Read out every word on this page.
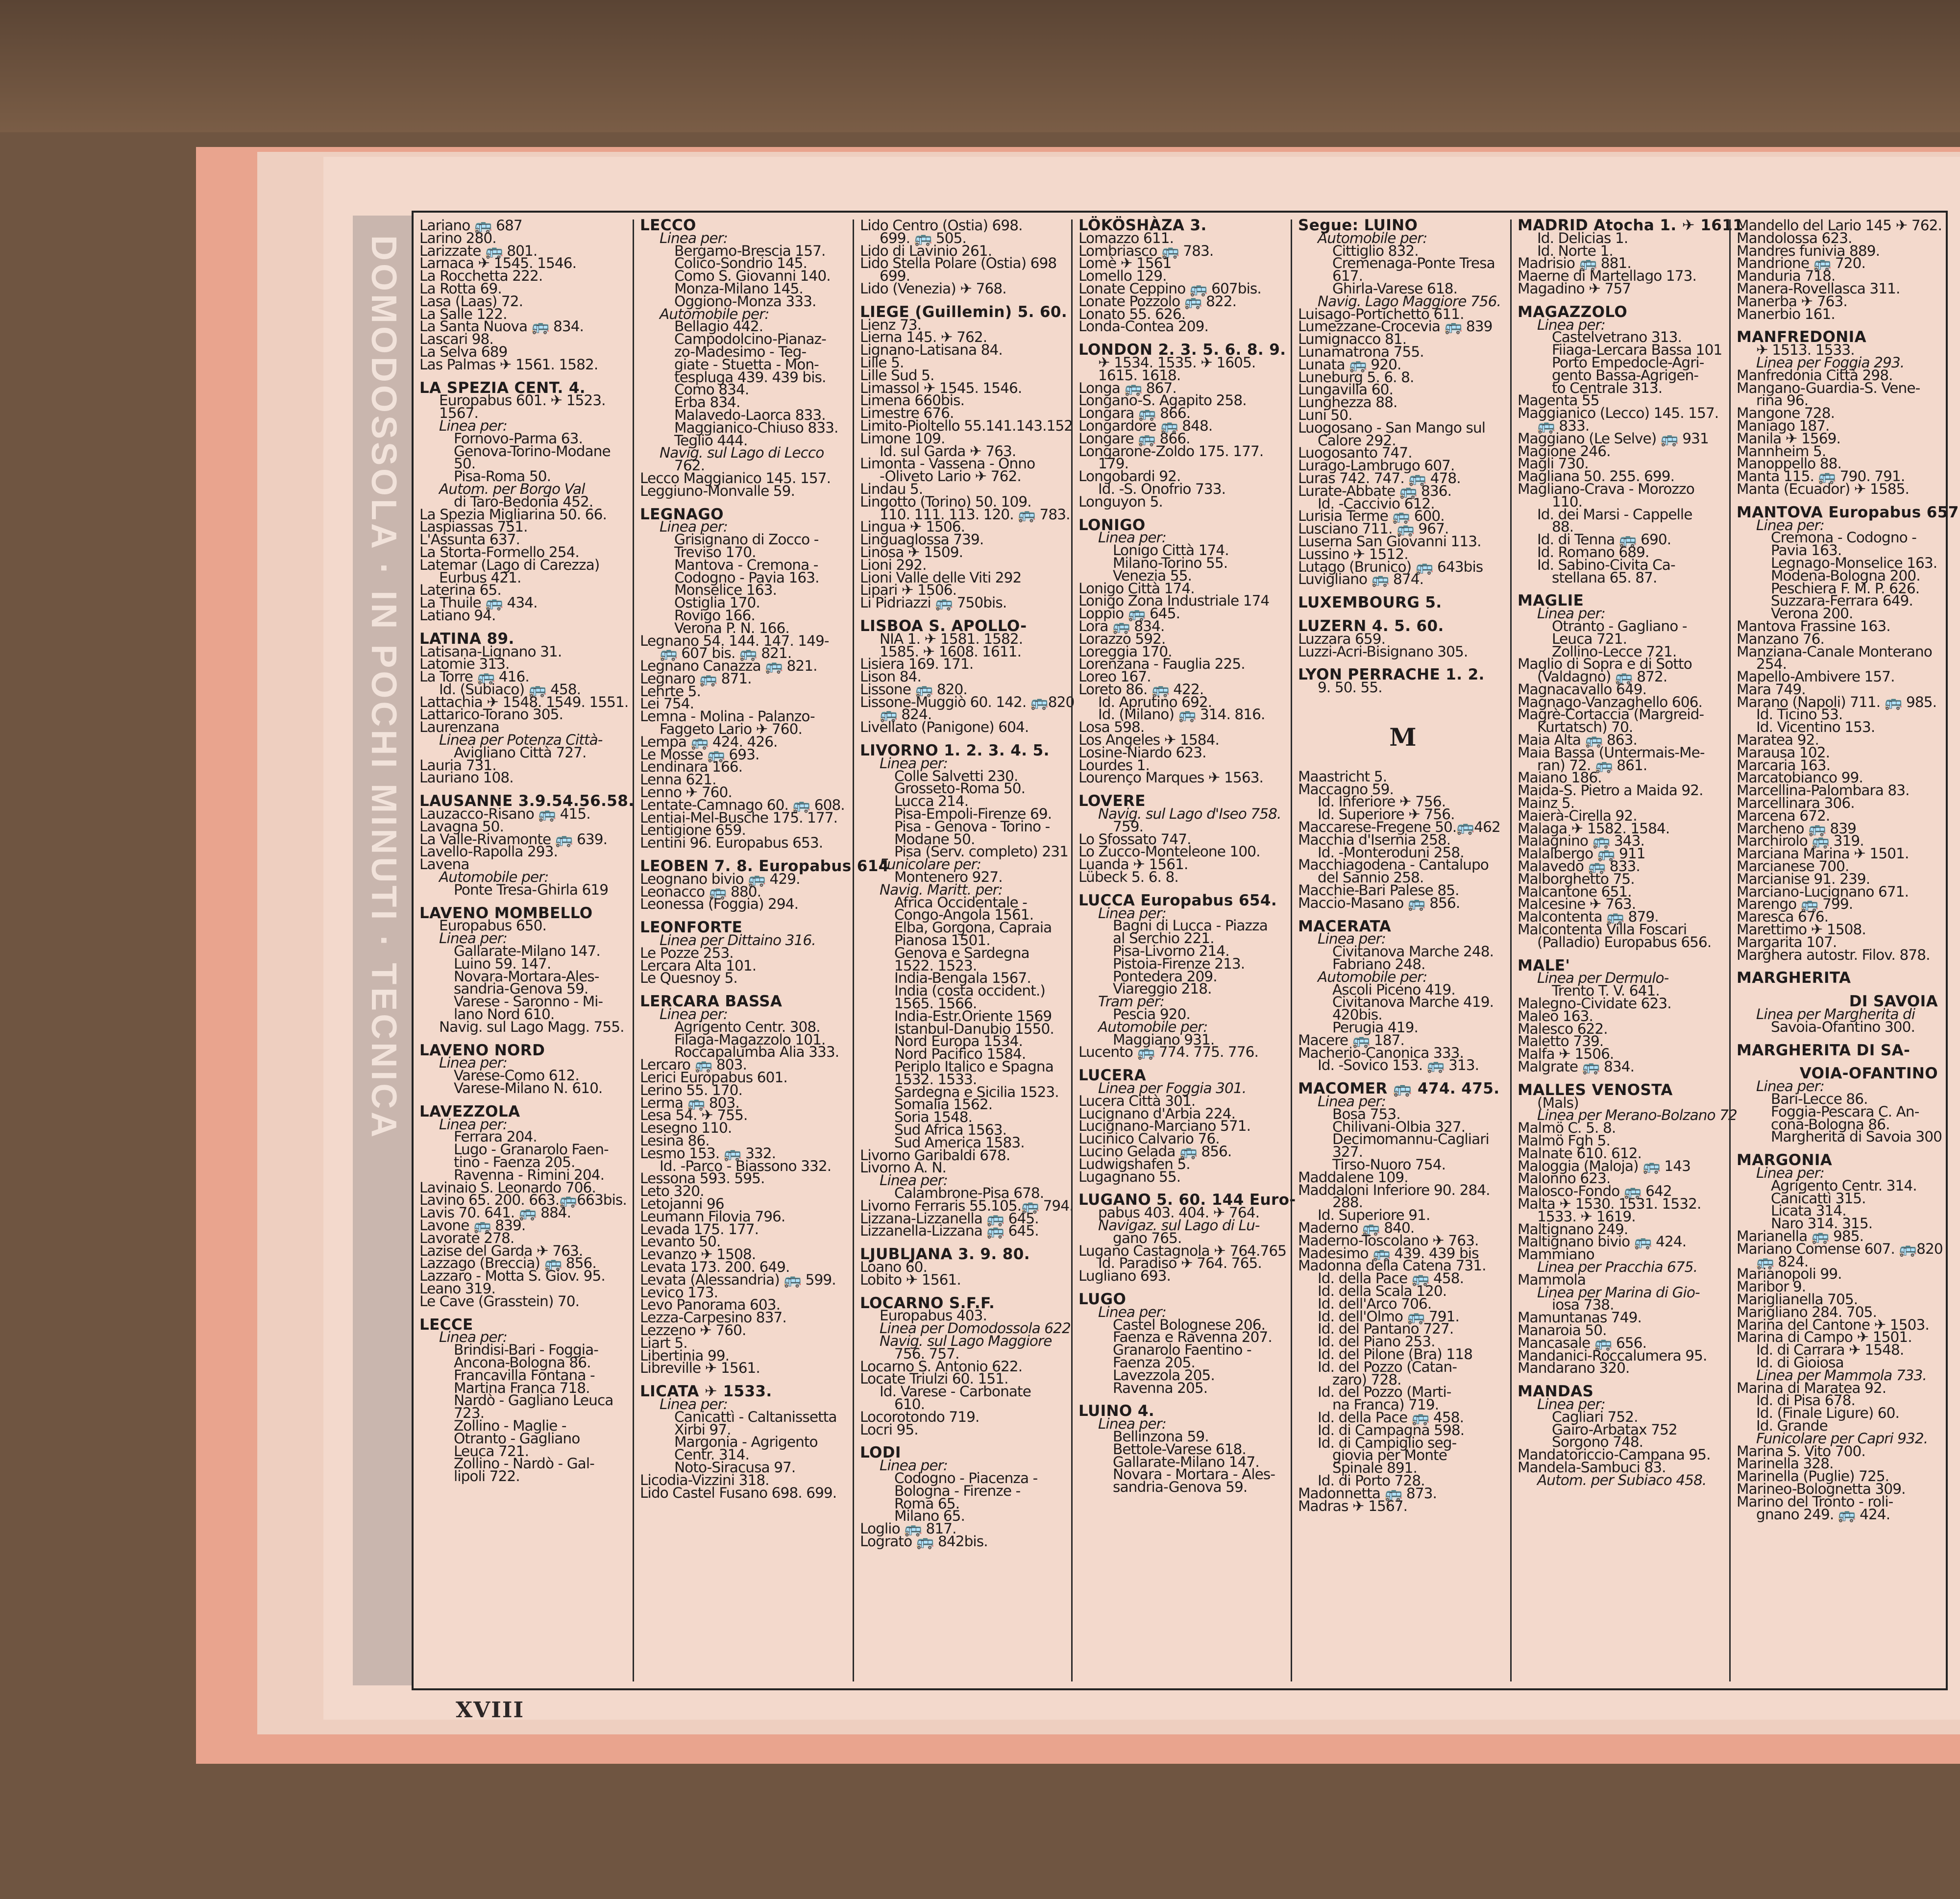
DOMODOSSOLA · IN POCHI MINUTI · TECNICA
Lariano 🚌 687
Larino 280.
Larizzate 🚌 801.
Larnaca ✈ 1545. 1546.
La Rocchetta 222.
La Rotta 69.
Lasa (Laas) 72.
La Salle 122.
La Santa Nuova 🚌 834.
Lascari 98.
La Selva 689
Las Palmas ✈ 1561. 1582.
LA SPEZIA CENT. 4.
Europabus 601. ✈ 1523.
1567.
Linea per:
Fornovo-Parma 63.
Genova-Torino-Modane
50.
Pisa-Roma 50.
Autom. per Borgo Val
di Taro-Bedonia 452.
La Spezia Migliarina 50. 66.
Laspiassas 751.
L'Assunta 637.
La Storta-Formello 254.
Latemar (Lago di Carezza)
Eurbus 421.
Laterina 65.
La Thuile 🚌 434.
Latiano 94.
LATINA 89.
Latisana-Lignano 31.
Latomie 313.
La Torre 🚌 416.
Id. (Subiaco) 🚌 458.
Lattachia ✈ 1548. 1549. 1551.
Lattarico-Torano 305.
Laurenzana
Linea per Potenza Città-
Avigliano Città 727.
Lauria 731.
Lauriano 108.
LAUSANNE 3.9.54.56.58.
Lauzacco-Risano 🚌 415.
Lavagna 50.
La Valle-Rivamonte 🚌 639.
Lavello-Rapolla 293.
Lavena
Automobile per:
Ponte Tresa-Ghirla 619
LAVENO MOMBELLO
Europabus 650.
Linea per:
Gallarate-Milano 147.
Luino 59. 147.
Novara-Mortara-Ales-
sandria-Genova 59.
Varese - Saronno - Mi-
lano Nord 610.
Navig. sul Lago Magg. 755.
LAVENO NORD
Linea per:
Varese-Como 612.
Varese-Milano N. 610.
LAVEZZOLA
Linea per:
Ferrara 204.
Lugo - Granarolo Faen-
tino - Faenza 205.
Ravenna - Rimini 204.
Lavinaio S. Leonardo 706.
Lavino 65. 200. 663.🚌663bis.
Lavis 70. 641. 🚌 884.
Lavone 🚌 839.
Lavorate 278.
Lazise del Garda ✈ 763.
Lazzago (Breccia) 🚌 856.
Lazzaro - Motta S. Giov. 95.
Leano 319.
Le Cave (Grasstein) 70.
LECCE
Linea per:
Brindisi-Bari - Foggia-
Ancona-Bologna 86.
Francavilla Fontana -
Martina Franca 718.
Nardò - Gagliano Leuca
723.
Zollino - Maglie -
Otranto - Gagliano
Leuca 721.
Zollino - Nardò - Gal-
lipoli 722.
LECCO
Linea per:
Bergamo-Brescia 157.
Colico-Sondrio 145.
Como S. Giovanni 140.
Monza-Milano 145.
Oggiono-Monza 333.
Automobile per:
Bellagio 442.
Campodolcino-Pianaz-
zo-Madesimo - Teg-
giate - Stuetta - Mon-
tespluga 439. 439 bis.
Como 834.
Erba 834.
Malavedo-Laorca 833.
Maggianico-Chiuso 833.
Teglio 444.
Navig. sul Lago di Lecco
762.
Lecco Maggianico 145. 157.
Leggiuno-Monvalle 59.
LEGNAGO
Linea per:
Grisignano di Zocco -
Treviso 170.
Mantova - Cremona -
Codogno - Pavia 163.
Monselice 163.
Ostiglia 170.
Rovigo 166.
Verona P. N. 166.
Legnano 54. 144. 147. 149-
🚌 607 bis. 🚌 821.
Legnano Canazza 🚌 821.
Legnaro 🚌 871.
Lehrte 5.
Lei 754.
Lemna - Molina - Palanzo-
Faggeto Lario ✈ 760.
Lempa 🚌 424. 426.
Le Mosse 🚌 693.
Lendinara 166.
Lenna 621.
Lenno ✈ 760.
Lentate-Camnago 60. 🚌 608.
Lentiai-Mel-Busche 175. 177.
Lentigione 659.
Lentini 96. Europabus 653.
LEOBEN 7. 8. Europabus 614
Leognano bivio 🚌 429.
Leonacco 🚌 880.
Leonessa (Foggia) 294.
LEONFORTE
Linea per Dittaino 316.
Le Pozze 253.
Lercara Alta 101.
Le Quesnoy 5.
LERCARA BASSA
Linea per:
Agrigento Centr. 308.
Filaga-Magazzolo 101.
Roccapalumba Alia 333.
Lercaro 🚌 803.
Lerici Europabus 601.
Lerino 55. 170.
Lerma 🚌 803.
Lesa 54. ✈ 755.
Lesegno 110.
Lesina 86.
Lesmo 153. 🚌 332.
Id. -Parco - Biassono 332.
Lessona 593. 595.
Leto 320.
Letojanni 96
Leumann Filovia 796.
Levada 175. 177.
Levanto 50.
Levanzo ✈ 1508.
Levata 173. 200. 649.
Levata (Alessandria) 🚌 599.
Levico 173.
Levo Panorama 603.
Lezza-Carpesino 837.
Lezzeno ✈ 760.
Liart 5.
Libertinia 99.
Libreville ✈ 1561.
LICATA ✈ 1533.
Linea per:
Canicattì - Caltanissetta
Xirbi 97.
Margonia - Agrigento
Centr. 314.
Noto-Siracusa 97.
Licodia-Vizzini 318.
Lido Castel Fusano 698. 699.
Lido Centro (Ostia) 698.
699. 🚌 505.
Lido di Lavinio 261.
Lido Stella Polare (Ostia) 698
699.
Lido (Venezia) ✈ 768.
LIEGE (Guillemin) 5. 60.
Lienz 73.
Lierna 145. ✈ 762.
Lignano-Latisana 84.
Lille 5.
Lille Sud 5.
Limassol ✈ 1545. 1546.
Limena 660bis.
Limestre 676.
Limito-Pioltello 55.141.143.152
Limone 109.
Id. sul Garda ✈ 763.
Limonta - Vassena - Onno
-Oliveto Lario ✈ 762.
Lindau 5.
Lingotto (Torino) 50. 109.
110. 111. 113. 120. 🚌 783.
Lingua ✈ 1506.
Linguaglossa 739.
Linosa ✈ 1509.
Lioni 292.
Lioni Valle delle Viti 292
Lipari ✈ 1506.
Li Pidriazzi 🚌 750bis.
LISBOA S. APOLLO-
NIA 1. ✈ 1581. 1582.
1585. ✈ 1608. 1611.
Lisiera 169. 171.
Lison 84.
Lissone 🚌 820.
Lissone-Muggiò 60. 142. 🚌820
🚌 824.
Livellato (Panigone) 604.
LIVORNO 1. 2. 3. 4. 5.
Linea per:
Colle Salvetti 230.
Grosseto-Roma 50.
Lucca 214.
Pisa-Empoli-Firenze 69.
Pisa - Genova - Torino -
Modane 50.
Pisa (Serv. completo) 231
Funicolare per:
Montenero 927.
Navig. Maritt. per:
Africa Occidentale -
Congo-Angola 1561.
Elba, Gorgona, Capraia
Pianosa 1501.
Genova e Sardegna
1522. 1523.
India-Bengala 1567.
India (costa occident.)
1565. 1566.
India-Estr.Oriente 1569
Istanbul-Danubio 1550.
Nord Europa 1534.
Nord Pacifico 1584.
Periplo Italico e Spagna
1532. 1533.
Sardegna e Sicilia 1523.
Somalia 1562.
Soria 1548.
Sud Africa 1563.
Sud America 1583.
Livorno Garibaldi 678.
Livorno A. N.
Linea per:
Calambrone-Pisa 678.
Livorno Ferraris 55.105.🚌 794.
Lizzana-Lizzanella 🚌 645.
Lizzanella-Lizzana 🚌 645.
LJUBLJANA 3. 9. 80.
Loano 60.
Lobito ✈ 1561.
LOCARNO S.F.F.
Europabus 403.
Linea per Domodossola 622
Navig. sul Lago Maggiore
756. 757.
Locarno S. Antonio 622.
Locate Triulzi 60. 151.
Id. Varese - Carbonate
610.
Locorotondo 719.
Locri 95.
LODI
Linea per:
Codogno - Piacenza -
Bologna - Firenze -
Roma 65.
Milano 65.
Loglio 🚌 817.
Lograto 🚌 842bis.
LÖKÖSHÀZA 3.
Lomazzo 611.
Lombriasco 🚌 783.
Lomè ✈ 1561
Lomello 129.
Lonate Ceppino 🚌 607bis.
Lonate Pozzolo 🚌 822.
Lonato 55. 626.
Londa-Contea 209.
LONDON 2. 3. 5. 6. 8. 9.
✈ 1534. 1535. ✈ 1605.
1615. 1618.
Longa 🚌 867.
Longano-S. Agapito 258.
Longara 🚌 866.
Longardore 🚌 848.
Longare 🚌 866.
Longarone-Zoldo 175. 177.
179.
Longobardi 92.
Id. -S. Onofrio 733.
Longuyon 5.
LONIGO
Linea per:
Lonigo Città 174.
Milano-Torino 55.
Venezia 55.
Lonigo Città 174.
Lonigo Zona Industriale 174
Loppio 🚌 645.
Lora 🚌 834.
Lorazzo 592.
Loreggia 170.
Lorenzana - Fauglia 225.
Loreo 167.
Loreto 86. 🚌 422.
Id. Aprutino 692.
Id. (Milano) 🚌 314. 816.
Losa 598.
Los Angeles ✈ 1584.
Losine-Niardo 623.
Lourdes 1.
Lourenço Marques ✈ 1563.
LOVERE
Navig. sul Lago d'Iseo 758.
759.
Lo Sfossato 747.
Lo Zucco-Monteleone 100.
Luanda ✈ 1561.
Lübeck 5. 6. 8.
LUCCA Europabus 654.
Linea per:
Bagni di Lucca - Piazza
al Serchio 221.
Pisa-Livorno 214.
Pistoia-Firenze 213.
Pontedera 209.
Viareggio 218.
Tram per:
Pescia 920.
Automobile per:
Maggiano 931.
Lucento 🚌 774. 775. 776.
LUCERA
Linea per Foggia 301.
Lucera Città 301.
Lucignano d'Arbia 224.
Lucignano-Marciano 571.
Lucinico Calvario 76.
Lucino Gelada 🚌 856.
Ludwigshafen 5.
Lugagnano 55.
LUGANO 5. 60. 144 Euro-
pabus 403. 404. ✈ 764.
Navigaz. sul Lago di Lu-
gano 765.
Lugano Castagnola ✈ 764.765
Id. Paradiso ✈ 764. 765.
Lugliano 693.
LUGO
Linea per:
Castel Bolognese 206.
Faenza e Ravenna 207.
Granarolo Faentino -
Faenza 205.
Lavezzola 205.
Ravenna 205.
LUINO 4.
Linea per:
Bellinzona 59.
Bettole-Varese 618.
Gallarate-Milano 147.
Novara - Mortara - Ales-
sandria-Genova 59.
Segue: LUINO
Automobile per:
Cittiglio 832.
Cremenaga-Ponte Tresa
617.
Ghirla-Varese 618.
Navig. Lago Maggiore 756.
Luisago-Portichetto 611.
Lumezzane-Crocevia 🚌 839
Lumignacco 81.
Lunamatrona 755.
Lunata 🚌 920.
Luneburg 5. 6. 8.
Lungavilla 60.
Lunghezza 88.
Luni 50.
Luogosano - San Mango sul
Calore 292.
Luogosanto 747.
Lurago-Lambrugo 607.
Luras 742. 747. 🚌 478.
Lurate-Abbate 🚌 836.
Id. -Caccivio 612.
Lurisia Terme 🚌 600.
Lusciano 711. 🚌 967.
Luserna San Giovanni 113.
Lussino ✈ 1512.
Lutago (Brunico) 🚌 643bis
Luvigliano 🚌 874.
LUXEMBOURG 5.
LUZERN 4. 5. 60.
Luzzara 659.
Luzzi-Acri-Bisignano 305.
LYON PERRACHE 1. 2.
9. 50. 55.
M
Maastricht 5.
Maccagno 59.
Id. Inferiore ✈ 756.
Id. Superiore ✈ 756.
Maccarese-Fregene 50.🚌462
Macchia d'Isernia 258.
Id. -Monteroduni 258.
Macchiagodena - Cantalupo
del Sannio 258.
Macchie-Bari Palese 85.
Maccio-Masano 🚌 856.
MACERATA
Linea per:
Civitanova Marche 248.
Fabriano 248.
Automobile per:
Ascoli Piceno 419.
Civitanova Marche 419.
420bis.
Perugia 419.
Macere 🚌 187.
Macherio-Canonica 333.
Id. -Sovico 153. 🚌 313.
MACOMER 🚌 474. 475.
Linea per:
Bosa 753.
Chilivani-Olbia 327.
Decimomannu-Cagliari
327.
Tirso-Nuoro 754.
Maddalene 109.
Maddaloni Inferiore 90. 284.
288.
Id. Superiore 91.
Maderno 🚌 840.
Maderno-Toscolano ✈ 763.
Madesimo 🚌 439. 439 bis
Madonna della Catena 731.
Id. della Pace 🚌 458.
Id. della Scala 120.
Id. dell'Arco 706.
Id. dell'Olmo 🚌 791.
Id. del Pantano 727.
Id. del Piano 253.
Id. del Pilone (Bra) 118
Id. del Pozzo (Catan-
zaro) 728.
Id. del Pozzo (Marti-
na Franca) 719.
Id. della Pace 🚌 458.
Id. di Campagna 598.
Id. di Campiglio seg-
giovia per Monte
Spinale 891.
Id. di Porto 728.
Madonnetta 🚌 873.
Madras ✈ 1567.
MADRID Atocha 1. ✈ 1611
Id. Delicias 1.
Id. Norte 1.
Madrisio 🚌 881.
Maerne di Martellago 173.
Magadino ✈ 757
MAGAZZOLO
Linea per:
Castelvetrano 313.
Fiiaga-Lercara Bassa 101
Porto Empedocle-Agri-
gento Bassa-Agrigen-
to Centrale 313.
Magenta 55
Maggianico (Lecco) 145. 157.
🚌 833.
Maggiano (Le Selve) 🚌 931
Magione 246.
Magli 730.
Magliana 50. 255. 699.
Magliano-Crava - Morozzo
110.
Id. dei Marsi - Cappelle
88.
Id. di Tenna 🚌 690.
Id. Romano 689.
Id. Sabino-Civita Ca-
stellana 65. 87.
MAGLIE
Linea per:
Otranto - Gagliano -
Leuca 721.
Zollino-Lecce 721.
Maglio di Sopra e di Sotto
(Valdagno) 🚌 872.
Magnacavallo 649.
Magnago-Vanzaghello 606.
Magrè-Cortaccia (Margreid-
Kurtatsch) 70.
Maia Alta 🚌 863.
Maia Bassa (Untermais-Me-
ran) 72. 🚌 861.
Maiano 186.
Maida-S. Pietro a Maida 92.
Mainz 5.
Maierà-Cirella 92.
Malaga ✈ 1582. 1584.
Malagnino 🚌 343.
Malalbergo 🚌 911
Malavedo 🚌 833.
Malborghetto 75.
Malcantone 651.
Malcesine ✈ 763.
Malcontenta 🚌 879.
Malcontenta Villa Foscari
(Palladio) Europabus 656.
MALE'
Linea per Dermulo-
Trento T. V. 641.
Malegno-Cividate 623.
Maleo 163.
Malesco 622.
Maletto 739.
Malfa ✈ 1506.
Malgrate 🚌 834.
MALLES VENOSTA
(Mals)
Linea per Merano-Bolzano 72
Malmö C. 5. 8.
Malmö Fgh 5.
Malnate 610. 612.
Maloggia (Maloja) 🚌 143
Malonno 623.
Malosco-Fondo 🚌 642
Malta ✈ 1530. 1531. 1532.
1533. ✈ 1619.
Maltignano 249.
Maltignano bivio 🚌 424.
Mammiano
Linea per Pracchia 675.
Mammola
Linea per Marina di Gio-
iosa 738.
Mamuntanas 749.
Manaroia 50.
Mancasale 🚌 656.
Mandanici-Roccalumera 95.
Mandarano 320.
MANDAS
Linea per:
Cagliari 752.
Gairo-Arbatax 752
Sorgono 748.
Mandatoriccio-Campana 95.
Mandela-Sambuci 83.
Autom. per Subiaco 458.
Mandello del Lario 145 ✈ 762.
Mandolossa 623.
Mandres funivia 889.
Mandrione 🚌 720.
Manduria 718.
Manera-Rovellasca 311.
Manerba ✈ 763.
Manerbio 161.
MANFREDONIA
✈ 1513. 1533.
Linea per Foggia 293.
Manfredonia Città 298.
Mangano-Guardia-S. Vene-
rina 96.
Mangone 728.
Maniago 187.
Manila ✈ 1569.
Mannheim 5.
Manoppello 88.
Manta 115. 🚌 790. 791.
Manta (Ecuador) ✈ 1585.
MANTOVA Europabus 657
Linea per:
Cremona - Codogno -
Pavia 163.
Legnago-Monselice 163.
Modena-Bologna 200.
Peschiera F. M. P. 626.
Suzzara-Ferrara 649.
Verona 200.
Mantova Frassine 163.
Manzano 76.
Manziana-Canale Monterano
254.
Mapello-Ambivere 157.
Mara 749.
Marano (Napoli) 711. 🚌 985.
Id. Ticino 53.
Id. Vicentino 153.
Maratea 92.
Marausa 102.
Marcaria 163.
Marcatobianco 99.
Marcellina-Palombara 83.
Marcellinara 306.
Marcena 672.
Marcheno 🚌 839
Marchirolo 🚌 319.
Marciana Marina ✈ 1501.
Marcianese 700.
Marcianise 91. 239.
Marciano-Lucignano 671.
Marengo 🚌 799.
Maresca 676.
Marettimo ✈ 1508.
Margarita 107.
Marghera autostr. Filov. 878.
MARGHERITA
DI SAVOIA
Linea per Margherita di
Savoia-Ofantino 300.
MARGHERITA DI SA-
VOIA-OFANTINO
Linea per:
Bari-Lecce 86.
Foggia-Pescara C. An-
cona-Bologna 86.
Margherita di Savoia 300
MARGONIA
Linea per:
Agrigento Centr. 314.
Canicattì 315.
Licata 314.
Naro 314. 315.
Marianella 🚌 985.
Mariano Comense 607. 🚌820
🚌 824.
Marianopoli 99.
Maribor 9.
Mariglianella 705.
Marigliano 284. 705.
Marina del Cantone ✈ 1503.
Marina di Campo ✈ 1501.
Id. di Carrara ✈ 1548.
Id. di Gioiosa
Linea per Mammola 733.
Marina di Maratea 92.
Id. di Pisa 678.
Id. (Finale Ligure) 60.
Id. Grande
Funicolare per Capri 932.
Marina S. Vito 700.
Marinella 328.
Marinella (Puglie) 725.
Marineo-Bolognetta 309.
Marino del Tronto - roli-
gnano 249. 🚌 424.
XVIII
